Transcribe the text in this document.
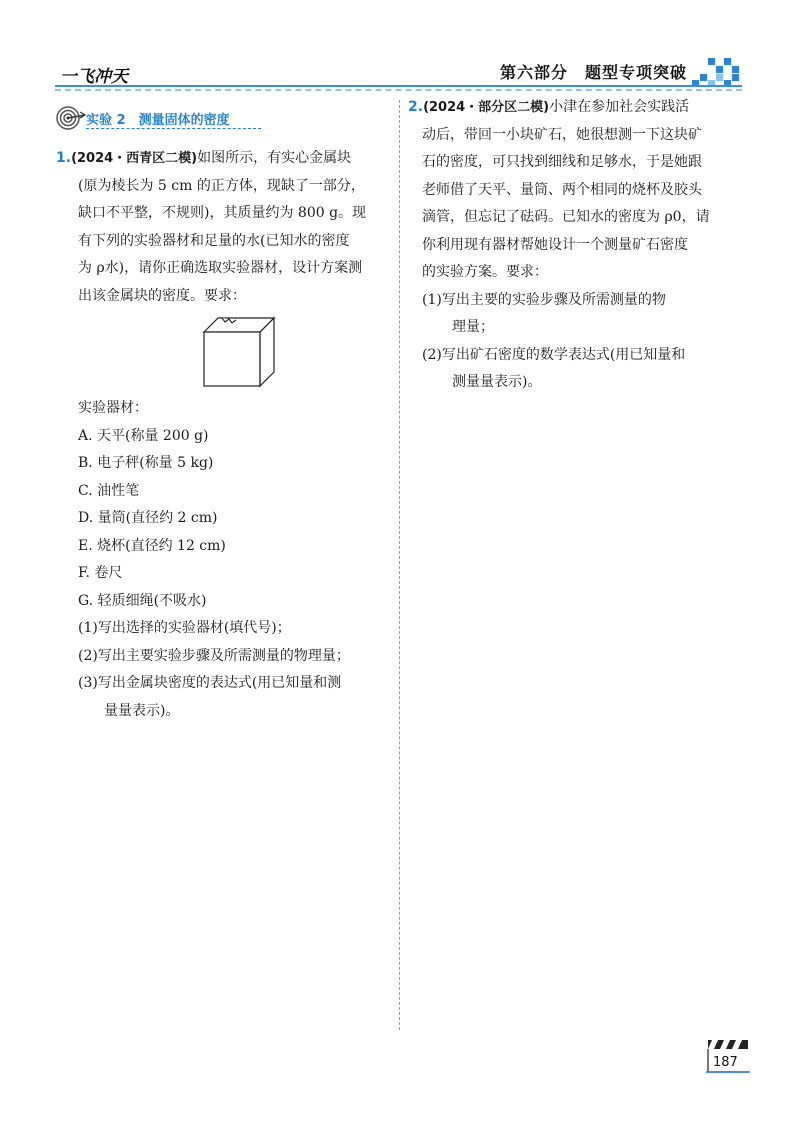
一飞冲天	第六部分　题型专项突破
实验 2　测量固体的密度
1.(2024・西青区二模)如图所示，有实心金属块
(原为棱长为 5 cm 的正方体，现缺了一部分，
缺口不平整，不规则)，其质量约为 800 g。现
有下列的实验器材和足量的水(已知水的密度
为 ρ水)，请你正确选取实验器材，设计方案测
出该金属块的密度。要求：
实验器材：
A. 天平(称量 200 g)
B. 电子秤(称量 5 kg)
C. 油性笔
D. 量筒(直径约 2 cm)
E. 烧杯(直径约 12 cm)
F. 卷尺
G. 轻质细绳(不吸水)
(1)写出选择的实验器材(填代号)；
(2)写出主要实验步骤及所需测量的物理量；
(3)写出金属块密度的表达式(用已知量和测
量量表示)。
2.(2024・部分区二模)小津在参加社会实践活
动后，带回一小块矿石，她很想测一下这块矿
石的密度，可只找到细线和足够水，于是她跟
老师借了天平、量筒、两个相同的烧杯及胶头
滴管，但忘记了砝码。已知水的密度为 ρ0，请
你利用现有器材帮她设计一个测量矿石密度
的实验方案。要求：
(1)写出主要的实验步骤及所需测量的物
理量；
(2)写出矿石密度的数学表达式(用已知量和
测量量表示)。
187
